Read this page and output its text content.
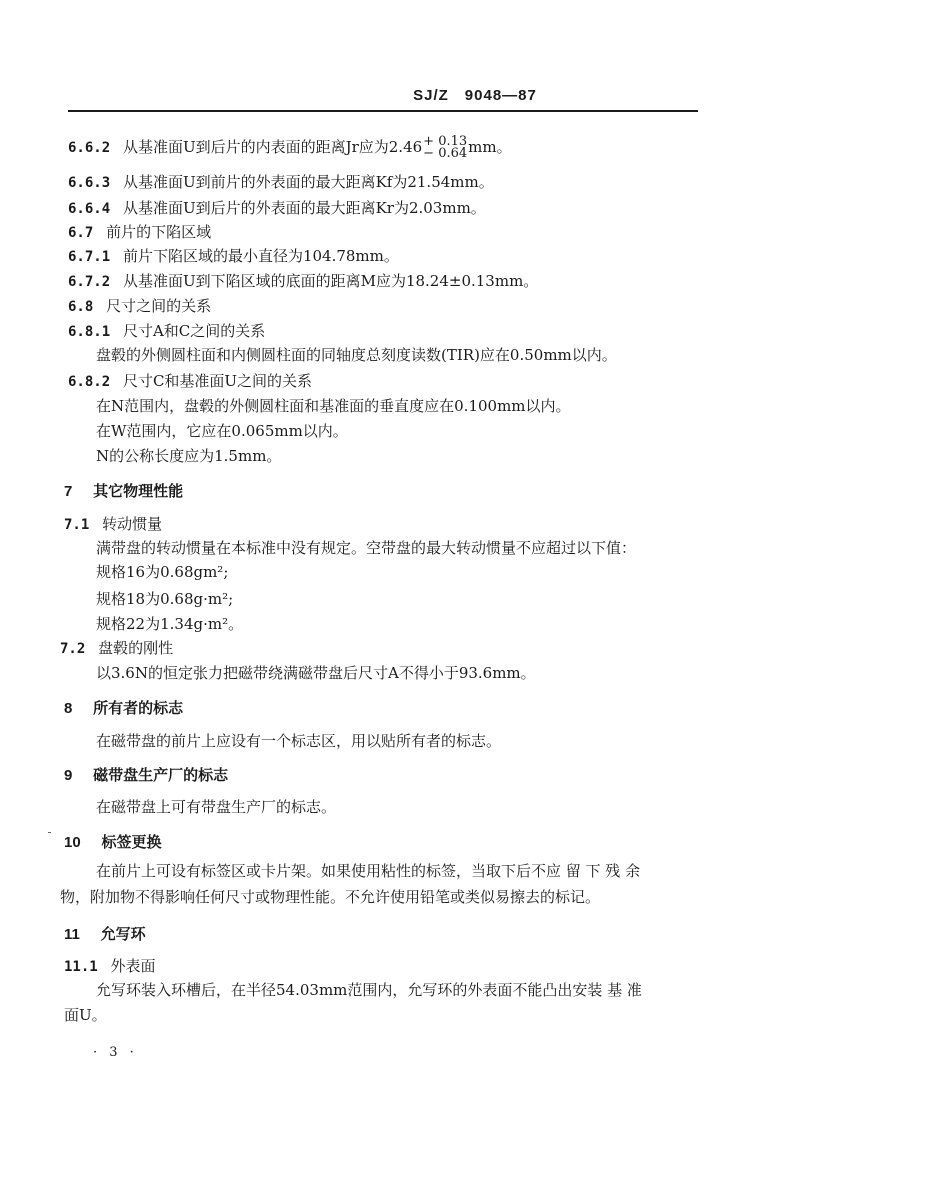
SJ/Z　9048—87
6.6.2 从基准面U到后片的内表面的距离Jr应为2.46 + 0.13
− 0.64 mm。
6.6.3 从基准面U到前片的外表面的最大距离Kf为21.54mm。
6.6.4 从基准面U到后片的外表面的最大距离Kr为2.03mm。
6.7 前片的下陷区域
6.7.1 前片下陷区域的最小直径为104.78mm。
6.7.2 从基准面U到下陷区域的底面的距离M应为18.24±0.13mm。
6.8 尺寸之间的关系
6.8.1 尺寸A和C之间的关系
盘毂的外侧圆柱面和内侧圆柱面的同轴度总刻度读数(TIR)应在0.50mm以内。
6.8.2 尺寸C和基准面U之间的关系
在N范围内，盘毂的外侧圆柱面和基准面的垂直度应在0.100mm以内。
在W范围内，它应在0.065mm以内。
N的公称长度应为1.5mm。
7 其它物理性能
7.1 转动惯量
满带盘的转动惯量在本标准中没有规定。空带盘的最大转动惯量不应超过以下值：
规格16为0.68gm²;
规格18为0.68g·m²;
规格22为1.34g·m²。
7.2 盘毂的刚性
以3.6N的恒定张力把磁带绕满磁带盘后尺寸A不得小于93.6mm。
8 所有者的标志
在磁带盘的前片上应设有一个标志区，用以贴所有者的标志。
9 磁带盘生产厂的标志
在磁带盘上可有带盘生产厂的标志。
10 标签更换
在前片上可设有标签区或卡片架。如果使用粘性的标签，当取下后不应 留 下 残 余
物，附加物不得影响任何尺寸或物理性能。不允许使用铅笔或类似易擦去的标记。
11 允写环
11.1 外表面
允写环装入环槽后，在半径54.03mm范围内，允写环的外表面不能凸出安装 基 准
面U。
· 3 ·
